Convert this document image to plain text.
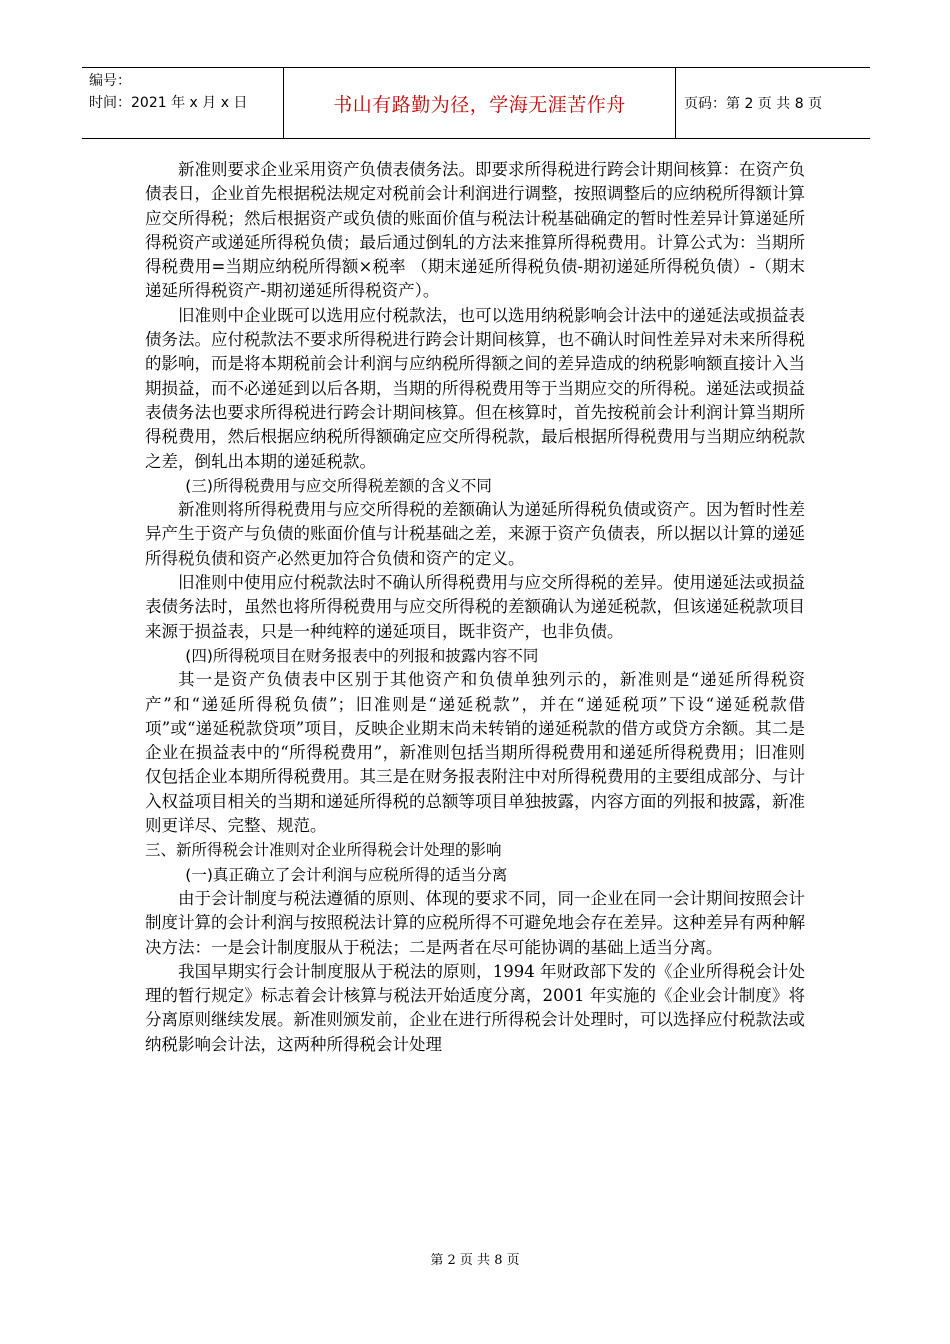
编号：
时间：2021 年 x 月 x 日	书山有路勤为径，学海无涯苦作舟	页码：第 2 页 共 8 页

新准则要求企业采用资产负债表债务法。即要求所得税进行跨会计期间核算：在资产负债表日，企业首先根据税法规定对税前会计利润进行调整，按照调整后的应纳税所得额计算应交所得税；然后根据资产或负债的账面价值与税法计税基础确定的暂时性差异计算递延所得税资产或递延所得税负债；最后通过倒轧的方法来推算所得税费用。计算公式为：当期所得税费用=当期应纳税所得额×税率 （期末递延所得税负债-期初递延所得税负债）-（期末递延所得税资产-期初递延所得税资产）。

旧准则中企业既可以选用应付税款法，也可以选用纳税影响会计法中的递延法或损益表债务法。应付税款法不要求所得税进行跨会计期间核算，也不确认时间性差异对未来所得税的影响，而是将本期税前会计利润与应纳税所得额之间的差异造成的纳税影响额直接计入当期损益，而不必递延到以后各期，当期的所得税费用等于当期应交的所得税。递延法或损益表债务法也要求所得税进行跨会计期间核算。但在核算时，首先按税前会计利润计算当期所得税费用，然后根据应纳税所得额确定应交所得税款，最后根据所得税费用与当期应纳税款之差，倒轧出本期的递延税款。

(三)所得税费用与应交所得税差额的含义不同

新准则将所得税费用与应交所得税的差额确认为递延所得税负债或资产。因为暂时性差异产生于资产与负债的账面价值与计税基础之差，来源于资产负债表，所以据以计算的递延所得税负债和资产必然更加符合负债和资产的定义。

旧准则中使用应付税款法时不确认所得税费用与应交所得税的差异。使用递延法或损益表债务法时，虽然也将所得税费用与应交所得税的差额确认为递延税款，但该递延税款项目来源于损益表，只是一种纯粹的递延项目，既非资产，也非负债。

(四)所得税项目在财务报表中的列报和披露内容不同

其一是资产负债表中区别于其他资产和负债单独列示的，新准则是“递延所得税资产”和“递延所得税负债”；旧准则是“递延税款”，并在“递延税项”下设“递延税款借项”或“递延税款贷项”项目，反映企业期末尚未转销的递延税款的借方或贷方余额。其二是企业在损益表中的“所得税费用”，新准则包括当期所得税费用和递延所得税费用；旧准则仅包括企业本期所得税费用。其三是在财务报表附注中对所得税费用的主要组成部分、与计入权益项目相关的当期和递延所得税的总额等项目单独披露，内容方面的列报和披露，新准则更详尽、完整、规范。

三、新所得税会计准则对企业所得税会计处理的影响

(一)真正确立了会计利润与应税所得的适当分离

由于会计制度与税法遵循的原则、体现的要求不同，同一企业在同一会计期间按照会计制度计算的会计利润与按照税法计算的应税所得不可避免地会存在差异。这种差异有两种解决方法：一是会计制度服从于税法；二是两者在尽可能协调的基础上适当分离。

我国早期实行会计制度服从于税法的原则，1994 年财政部下发的《企业所得税会计处理的暂行规定》标志着会计核算与税法开始适度分离，2001 年实施的《企业会计制度》将分离原则继续发展。新准则颁发前，企业在进行所得税会计处理时，可以选择应付税款法或纳税影响会计法，这两种所得税会计处理

第 2 页 共 8 页
